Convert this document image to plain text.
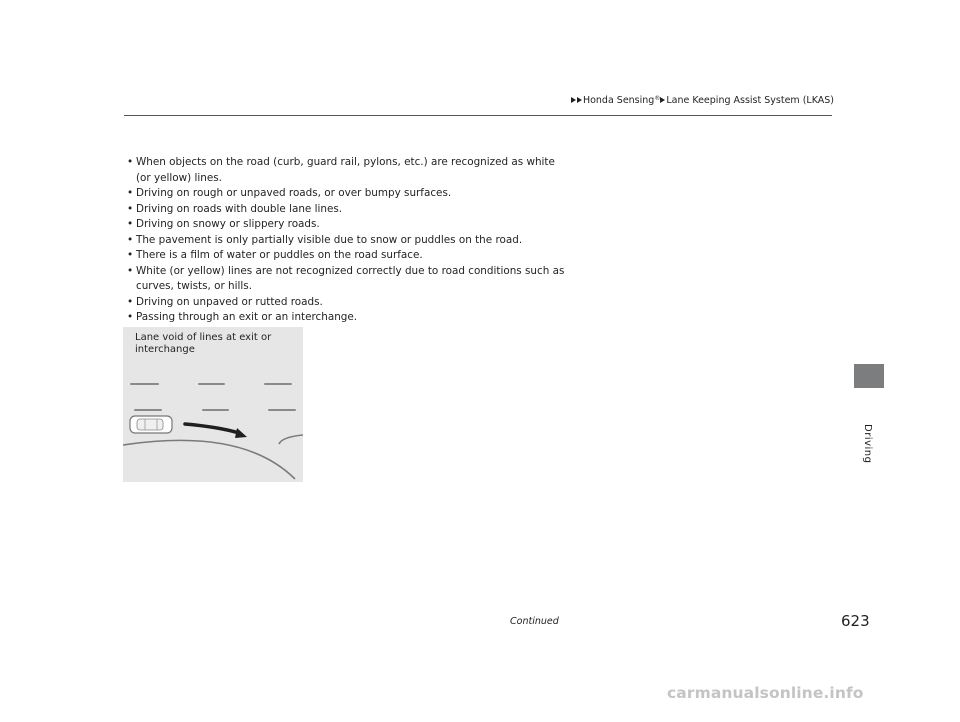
Honda Sensing® Lane Keeping Assist System (LKAS)
• When objects on the road (curb, guard rail, pylons, etc.) are recognized as white (or yellow) lines.
• Driving on rough or unpaved roads, or over bumpy surfaces.
• Driving on roads with double lane lines.
• Driving on snowy or slippery roads.
• The pavement is only partially visible due to snow or puddles on the road.
• There is a film of water or puddles on the road surface.
• White (or yellow) lines are not recognized correctly due to road conditions such as curves, twists, or hills.
• Driving on unpaved or rutted roads.
• Passing through an exit or an interchange.
Lane void of lines at exit or interchange
Driving
Continued	623
carmanualsonline.info
